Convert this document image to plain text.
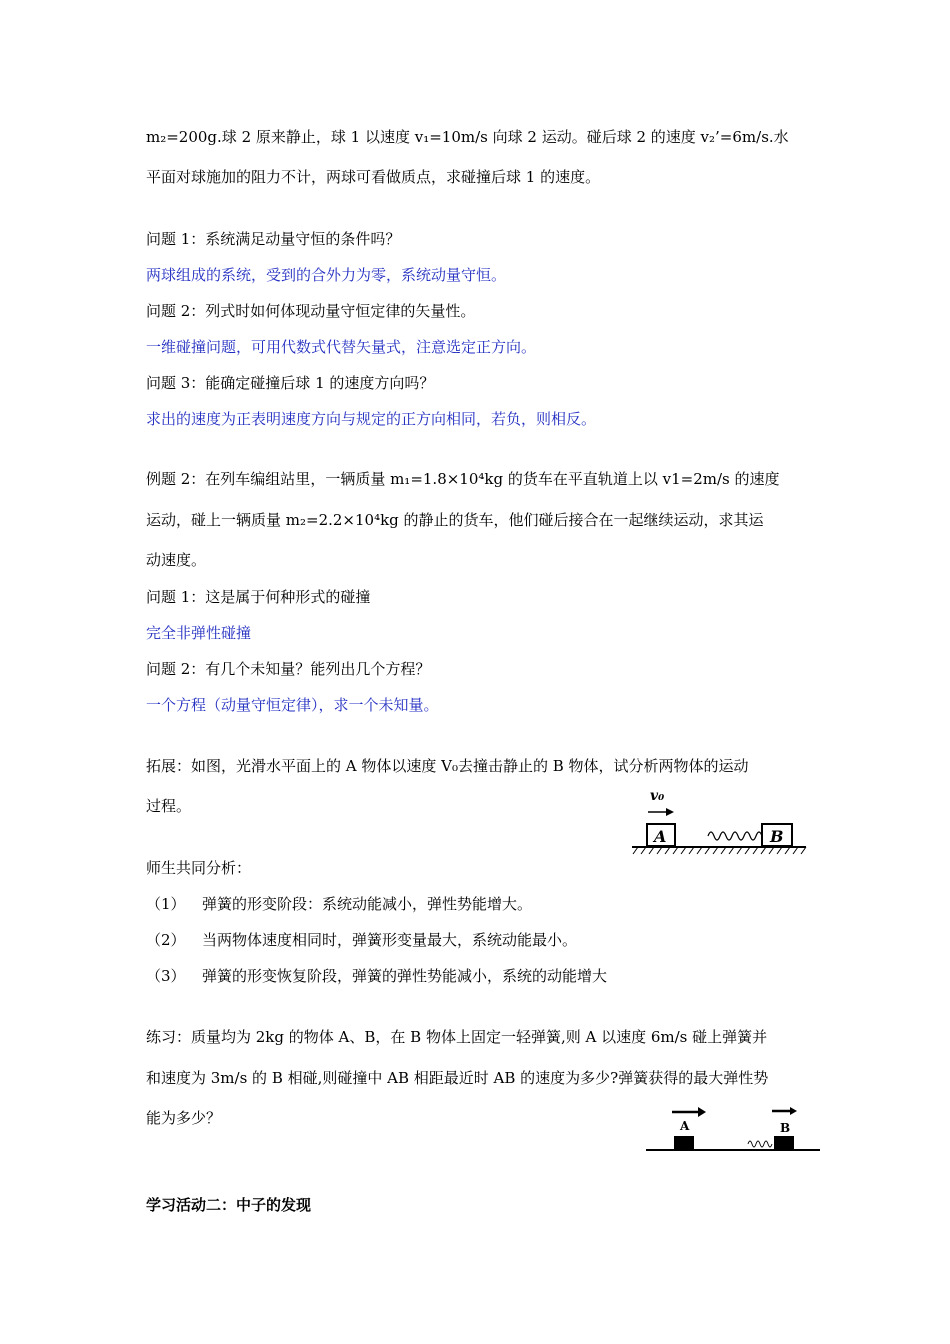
m₂=200g.球 2 原来静止，球 1 以速度 v₁=10m/s 向球 2 运动。碰后球 2 的速度 v₂’=6m/s.水
平面对球施加的阻力不计，两球可看做质点，求碰撞后球 1 的速度。
问题 1：系统满足动量守恒的条件吗？
两球组成的系统，受到的合外力为零，系统动量守恒。
问题 2：列式时如何体现动量守恒定律的矢量性。
一维碰撞问题，可用代数式代替矢量式，注意选定正方向。
问题 3：能确定碰撞后球 1 的速度方向吗？
求出的速度为正表明速度方向与规定的正方向相同，若负，则相反。
例题 2：在列车编组站里，一辆质量 m₁=1.8×10⁴kg 的货车在平直轨道上以 v1=2m/s 的速度
运动，碰上一辆质量 m₂=2.2×10⁴kg 的静止的货车，他们碰后接合在一起继续运动，求其运
动速度。
问题 1：这是属于何种形式的碰撞
完全非弹性碰撞
问题 2：有几个未知量？能列出几个方程？
一个方程（动量守恒定律），求一个未知量。
拓展：如图，光滑水平面上的 A 物体以速度 V₀去撞击静止的 B 物体，试分析两物体的运动
过程。
v₀
A	B
师生共同分析：
（1） 弹簧的形变阶段：系统动能减小，弹性势能增大。
（2） 当两物体速度相同时，弹簧形变量最大，系统动能最小。
（3） 弹簧的形变恢复阶段，弹簧的弹性势能减小，系统的动能增大
练习：质量均为 2kg 的物体 A、B，在 B 物体上固定一轻弹簧,则 A 以速度 6m/s 碰上弹簧并
和速度为 3m/s 的 B 相碰,则碰撞中 AB 相距最近时 AB 的速度为多少?弹簧获得的最大弹性势
能为多少？	A	B
学习活动二：中子的发现
